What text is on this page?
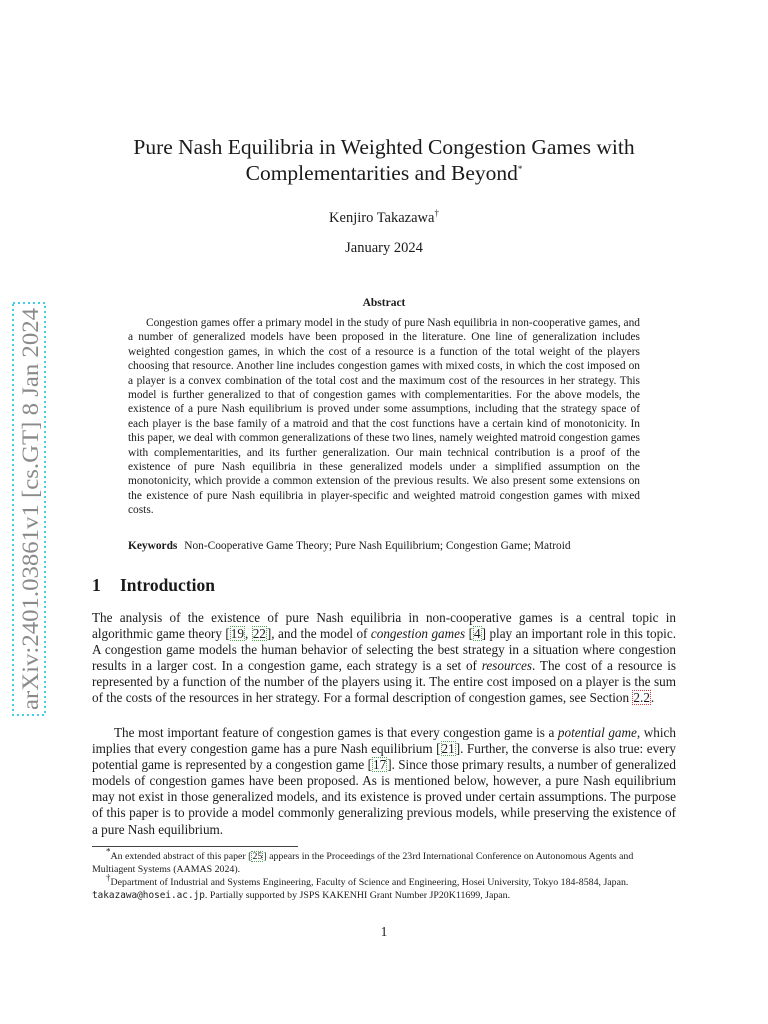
arXiv:2401.03861v1 [cs.GT] 8 Jan 2024
Pure Nash Equilibria in Weighted Congestion Games with
Complementarities and Beyond*
Kenjiro Takazawa†
January 2024
Abstract
Congestion games offer a primary model in the study of pure Nash equilibria in non-cooperative games, and a number of generalized models have been proposed in the literature. One line of generalization includes weighted congestion games, in which the cost of a resource is a function of the total weight of the players choosing that resource. Another line includes congestion games with mixed costs, in which the cost imposed on a player is a convex combination of the total cost and the maximum cost of the resources in her strategy. This model is further generalized to that of congestion games with complementarities. For the above models, the existence of a pure Nash equilibrium is proved under some assumptions, including that the strategy space of each player is the base family of a matroid and that the cost functions have a certain kind of monotonicity. In this paper, we deal with common generalizations of these two lines, namely weighted matroid congestion games with complementarities, and its further generalization. Our main technical contribution is a proof of the existence of pure Nash equilibria in these generalized models under a simplified assumption on the monotonicity, which provide a common extension of the previous results. We also present some extensions on the existence of pure Nash equilibria in player-specific and weighted matroid congestion games with mixed costs.
Keywords Non-Cooperative Game Theory; Pure Nash Equilibrium; Congestion Game; Matroid
1 Introduction
The analysis of the existence of pure Nash equilibria in non-cooperative games is a central topic in algorithmic game theory [19, 22], and the model of congestion games [4] play an important role in this topic. A congestion game models the human behavior of selecting the best strategy in a situation where congestion results in a larger cost. In a congestion game, each strategy is a set of resources. The cost of a resource is represented by a function of the number of the players using it. The entire cost imposed on a player is the sum of the costs of the resources in her strategy. For a formal description of congestion games, see Section 2.2.
The most important feature of congestion games is that every congestion game is a potential game, which implies that every congestion game has a pure Nash equilibrium [21]. Further, the converse is also true: every potential game is represented by a congestion game [17]. Since those primary results, a number of generalized models of congestion games have been proposed. As is mentioned below, however, a pure Nash equilibrium may not exist in those generalized models, and its existence is proved under certain assumptions. The purpose of this paper is to provide a model commonly generalizing previous models, while preserving the existence of a pure Nash equilibrium.
*An extended abstract of this paper [25] appears in the Proceedings of the 23rd International Conference on Autonomous Agents and Multiagent Systems (AAMAS 2024).
†Department of Industrial and Systems Engineering, Faculty of Science and Engineering, Hosei University, Tokyo 184-8584, Japan. takazawa@hosei.ac.jp. Partially supported by JSPS KAKENHI Grant Number JP20K11699, Japan.
1
